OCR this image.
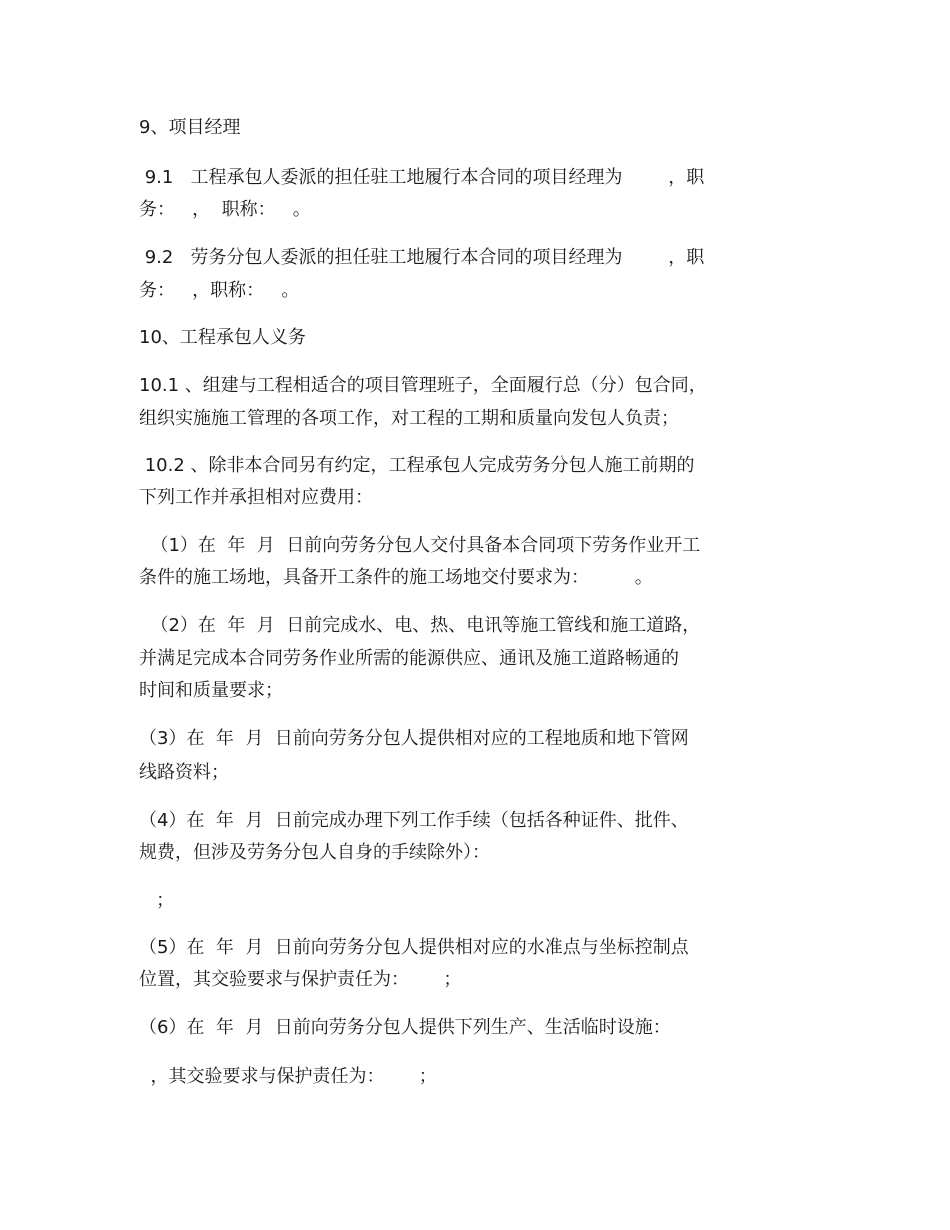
9、项目经理
9.1   工程承包人委派的担任驻工地履行本合同的项目经理为        ，职
务：   ，  职称：   。
9.2   劳务分包人委派的担任驻工地履行本合同的项目经理为        ，职
务：   ，职称：   。
10、工程承包人义务
10.1 、组建与工程相适合的项目管理班子，全面履行总（分）包合同，
组织实施施工管理的各项工作，对工程的工期和质量向发包人负责；
10.2 、除非本合同另有约定，工程承包人完成劳务分包人施工前期的
下列工作并承担相对应费用：
（1）在  年  月  日前向劳务分包人交付具备本合同项下劳务作业开工
条件的施工场地，具备开工条件的施工场地交付要求为：        。
（2）在  年  月  日前完成水、电、热、电讯等施工管线和施工道路，
并满足完成本合同劳务作业所需的能源供应、通讯及施工道路畅通的
时间和质量要求；
（3）在  年  月  日前向劳务分包人提供相对应的工程地质和地下管网
线路资料；
（4）在  年  月  日前完成办理下列工作手续（包括各种证件、批件、
规费，但涉及劳务分包人自身的手续除外）：
；
（5）在  年  月  日前向劳务分包人提供相对应的水准点与坐标控制点
位置，其交验要求与保护责任为：      ；
（6）在  年  月  日前向劳务分包人提供下列生产、生活临时设施：
，其交验要求与保护责任为：      ；
